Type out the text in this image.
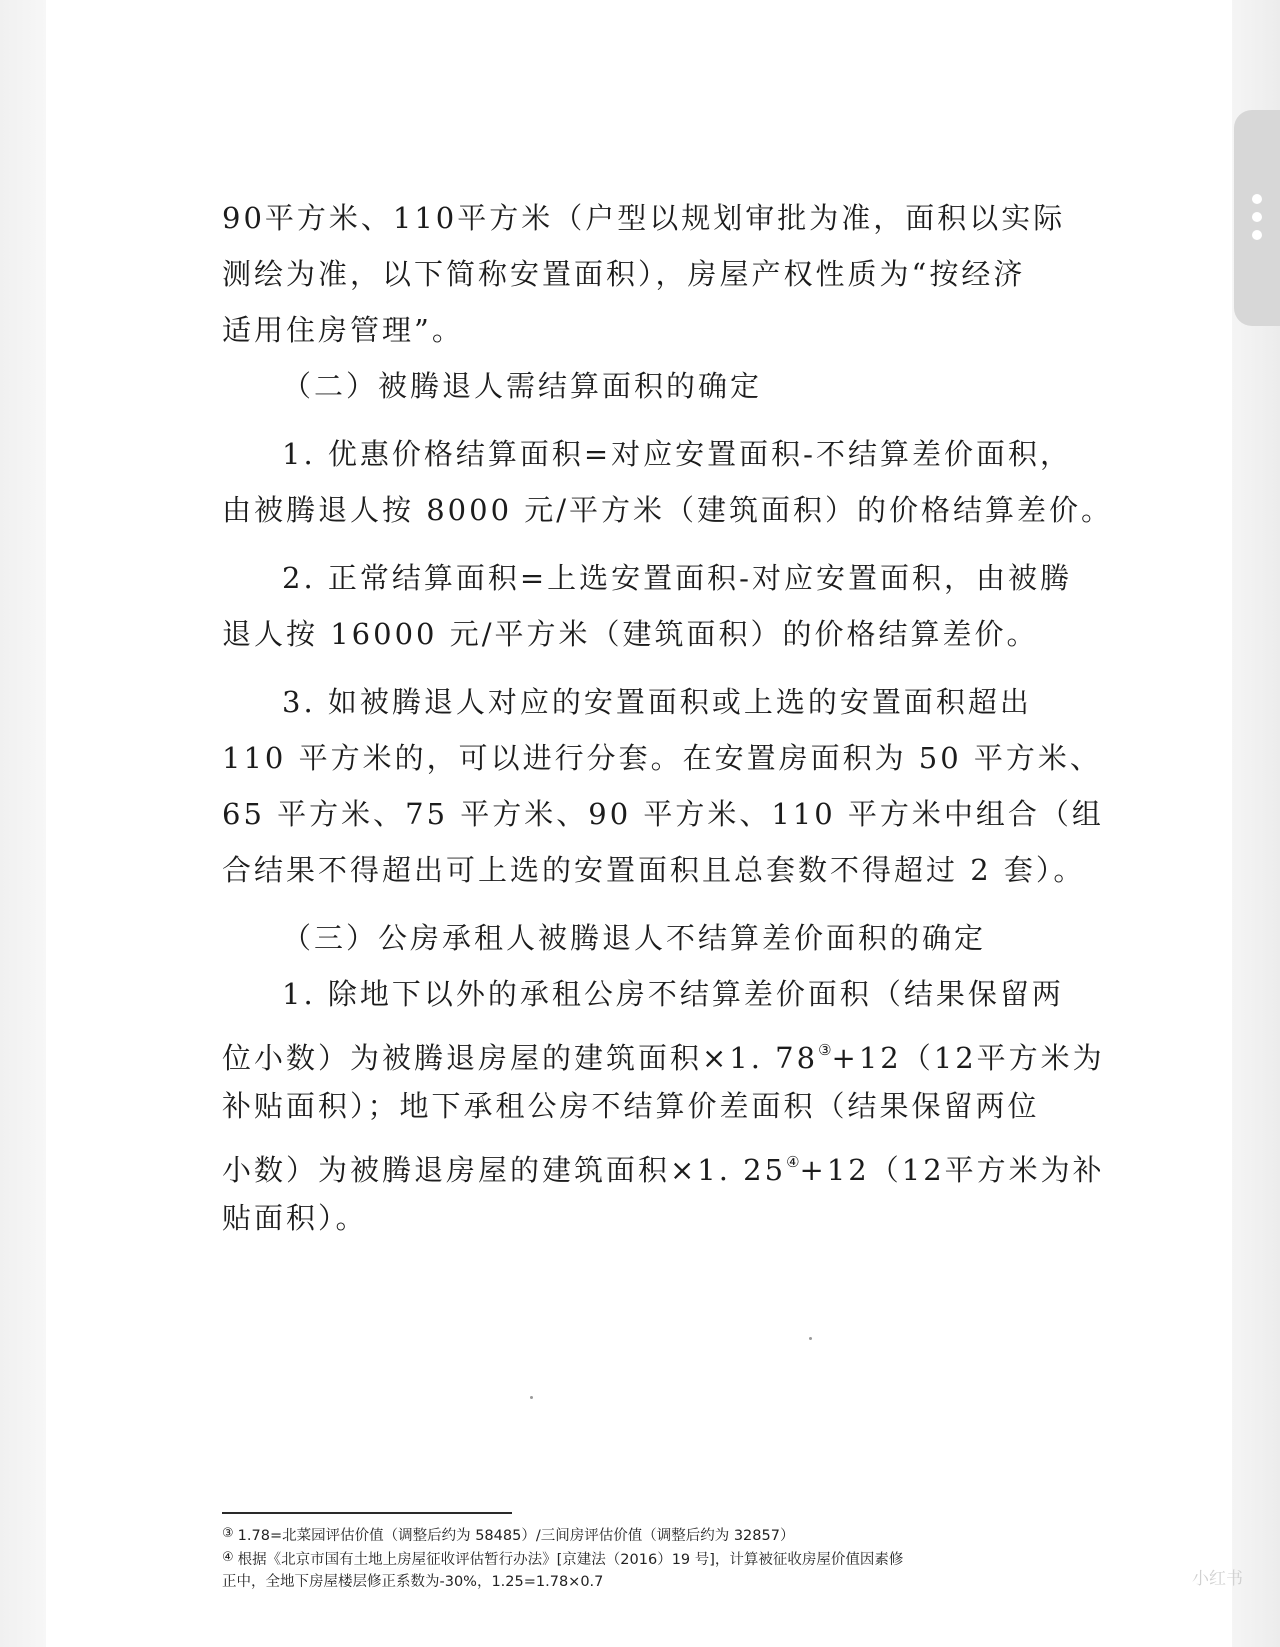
90平方米、110平方米（户型以规划审批为准，面积以实际
测绘为准，以下简称安置面积），房屋产权性质为“按经济
适用住房管理”。
（二）被腾退人需结算面积的确定
1. 优惠价格结算面积=对应安置面积-不结算差价面积，
由被腾退人按 8000 元/平方米（建筑面积）的价格结算差价。
2. 正常结算面积=上选安置面积-对应安置面积，由被腾
退人按 16000 元/平方米（建筑面积）的价格结算差价。
3. 如被腾退人对应的安置面积或上选的安置面积超出
110 平方米的，可以进行分套。在安置房面积为 50 平方米、
65 平方米、75 平方米、90 平方米、110 平方米中组合（组
合结果不得超出可上选的安置面积且总套数不得超过 2 套）。
（三）公房承租人被腾退人不结算差价面积的确定
1. 除地下以外的承租公房不结算差价面积（结果保留两
位小数）为被腾退房屋的建筑面积×1. 78③+12（12平方米为
补贴面积）；地下承租公房不结算价差面积（结果保留两位
小数）为被腾退房屋的建筑面积×1. 25④+12（12平方米为补
贴面积）。
③ 1.78=北菜园评估价值（调整后约为 58485）/三间房评估价值（调整后约为 32857）
④ 根据《北京市国有土地上房屋征收评估暂行办法》[京建法（2016）19 号]，计算被征收房屋价值因素修
正中，全地下房屋楼层修正系数为-30%，1.25=1.78×0.7	小红书
